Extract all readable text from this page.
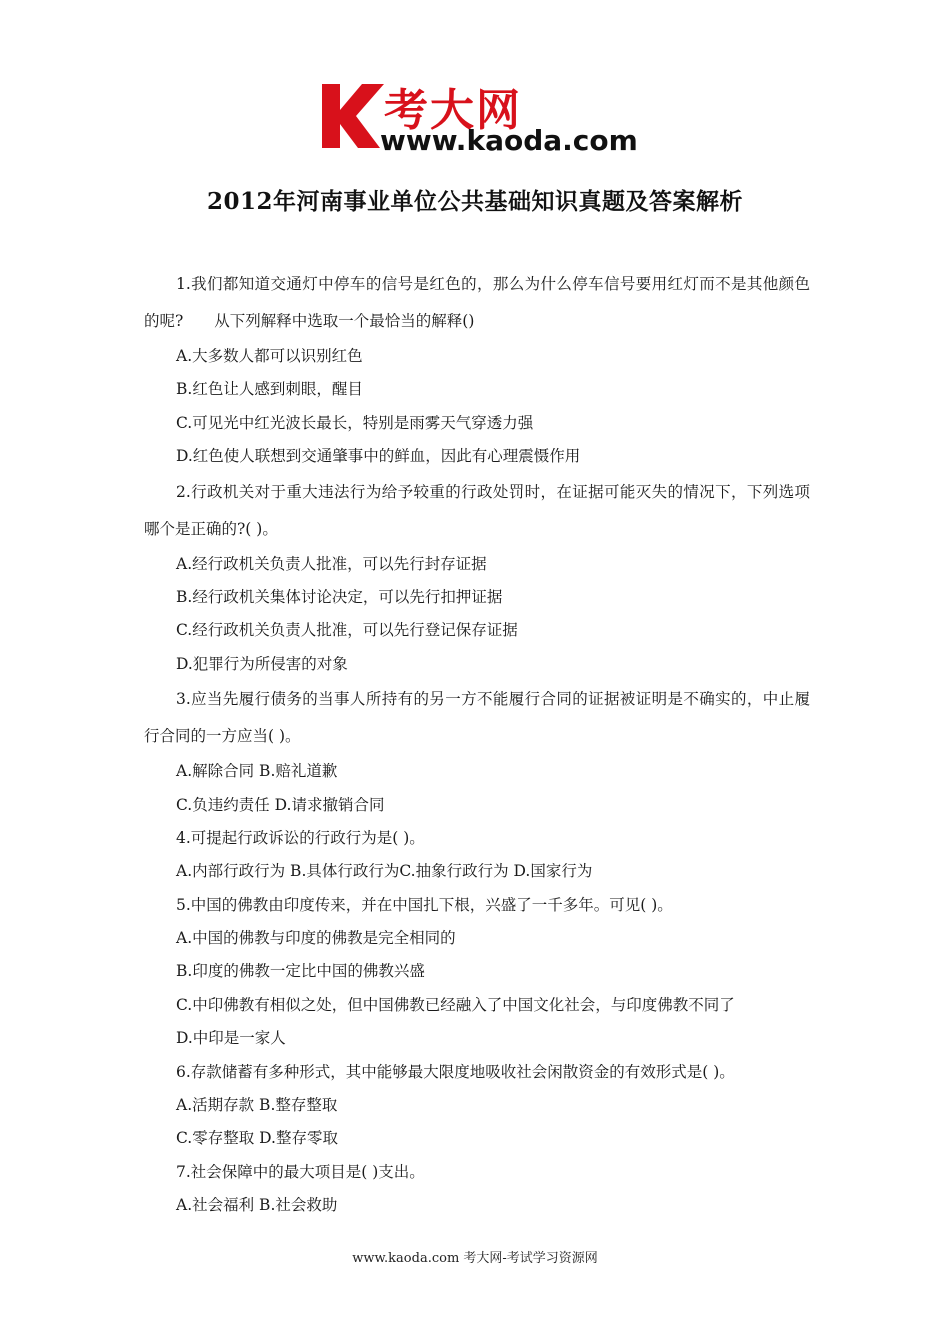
考大网
www.kaoda.com
2012年河南事业单位公共基础知识真题及答案解析

1.我们都知道交通灯中停车的信号是红色的，那么为什么停车信号要用红灯而不是其他颜色的呢?　　从下列解释中选取一个最恰当的解释()

A.大多数人都可以识别红色
B.红色让人感到刺眼，醒目
C.可见光中红光波长最长，特别是雨雾天气穿透力强
D.红色使人联想到交通肇事中的鲜血，因此有心理震慑作用

2.行政机关对于重大违法行为给予较重的行政处罚时，在证据可能灭失的情况下，下列选项哪个是正确的?( )。

A.经行政机关负责人批准，可以先行封存证据
B.经行政机关集体讨论决定，可以先行扣押证据
C.经行政机关负责人批准，可以先行登记保存证据
D.犯罪行为所侵害的对象

3.应当先履行债务的当事人所持有的另一方不能履行合同的证据被证明是不确实的，中止履行合同的一方应当( )。

A.解除合同 B.赔礼道歉
C.负违约责任 D.请求撤销合同
4.可提起行政诉讼的行政行为是( )。
A.内部行政行为 B.具体行政行为C.抽象行政行为 D.国家行为
5.中国的佛教由印度传来，并在中国扎下根，兴盛了一千多年。可见( )。
A.中国的佛教与印度的佛教是完全相同的
B.印度的佛教一定比中国的佛教兴盛
C.中印佛教有相似之处，但中国佛教已经融入了中国文化社会，与印度佛教不同了
D.中印是一家人
6.存款储蓄有多种形式，其中能够最大限度地吸收社会闲散资金的有效形式是( )。
A.活期存款 B.整存整取
C.零存整取 D.整存零取
7.社会保障中的最大项目是( )支出。
A.社会福利 B.社会救助
www.kaoda.com 考大网-考试学习资源网
